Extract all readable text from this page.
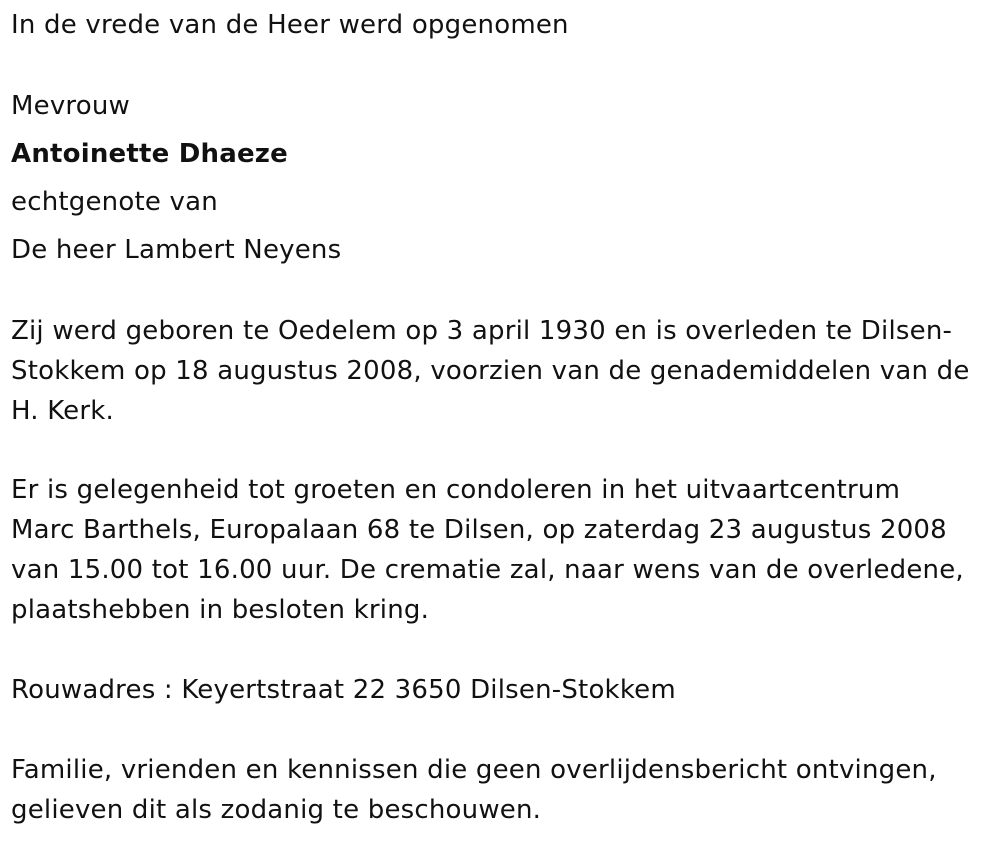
In de vrede van de Heer werd opgenomen
Mevrouw
Antoinette Dhaeze
echtgenote van
De heer Lambert Neyens
Zij werd geboren te Oedelem op 3 april 1930 en is overleden te Dilsen-
Stokkem op 18 augustus 2008, voorzien van de genademiddelen van de
H. Kerk.
Er is gelegenheid tot groeten en condoleren in het uitvaartcentrum
Marc Barthels, Europalaan 68 te Dilsen, op zaterdag 23 augustus 2008
van 15.00 tot 16.00 uur. De crematie zal, naar wens van de overledene,
plaatshebben in besloten kring.
Rouwadres : Keyertstraat 22 3650 Dilsen-Stokkem
Familie, vrienden en kennissen die geen overlijdensbericht ontvingen,
gelieven dit als zodanig te beschouwen.
